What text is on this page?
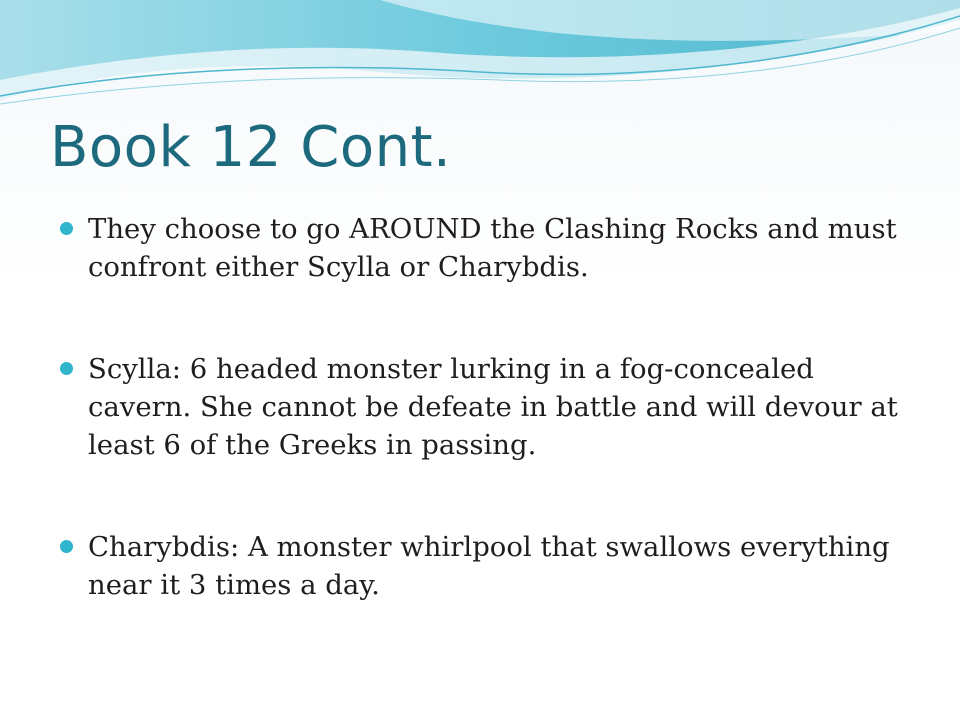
Book 12 Cont.
They choose to go AROUND the Clashing Rocks and must confront either Scylla or Charybdis.
Scylla: 6 headed monster lurking in a fog-concealed cavern. She cannot be defeate in battle and will devour at least 6 of the Greeks in passing.
Charybdis: A monster whirlpool that swallows everything near it 3 times a day.
